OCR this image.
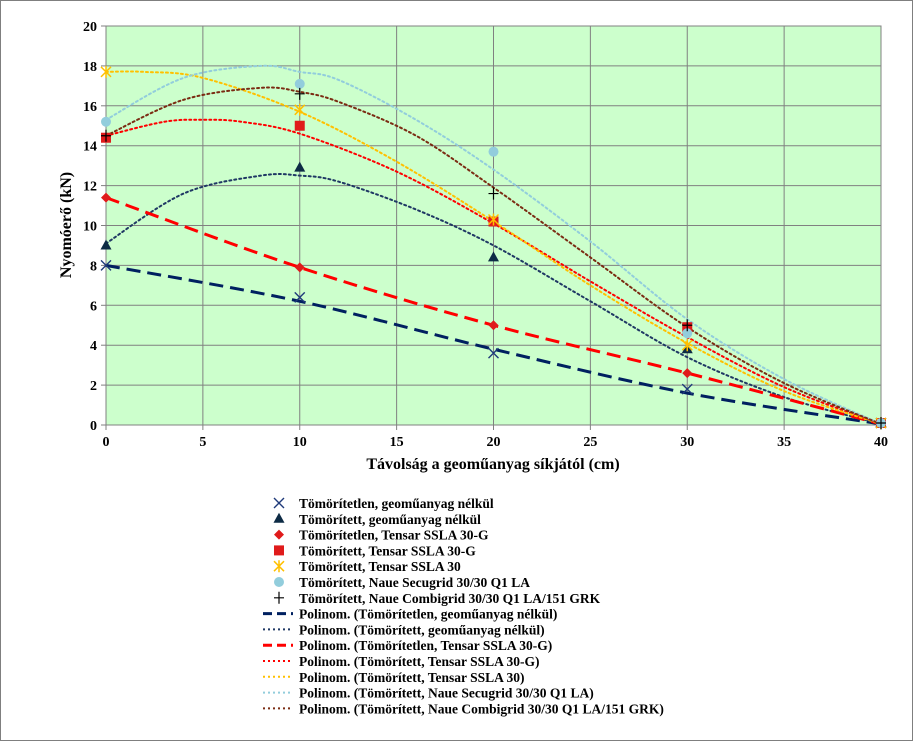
0	5	10	15	20	25	30	35	40
0
2
4
6
8
10
12
14
16
18
20
Távolság a geoműanyag síkjától (cm)
Nyomóerő (kN)
Tömörítetlen, geoműanyag nélkül
Tömörített, geoműanyag nélkül
Tömörítetlen, Tensar SSLA 30-G
Tömörített, Tensar SSLA 30-G
Tömörített, Tensar SSLA 30
Tömörített, Naue Secugrid 30/30 Q1 LA
Tömörített, Naue Combigrid 30/30 Q1 LA/151 GRK
Polinom. (Tömörítetlen, geoműanyag nélkül)
Polinom. (Tömörített, geoműanyag nélkül)
Polinom. (Tömörítetlen, Tensar SSLA 30-G)
Polinom. (Tömörített, Tensar SSLA 30-G)
Polinom. (Tömörített, Tensar SSLA 30)
Polinom. (Tömörített, Naue Secugrid 30/30 Q1 LA)
Polinom. (Tömörített, Naue Combigrid 30/30 Q1 LA/151 GRK)
